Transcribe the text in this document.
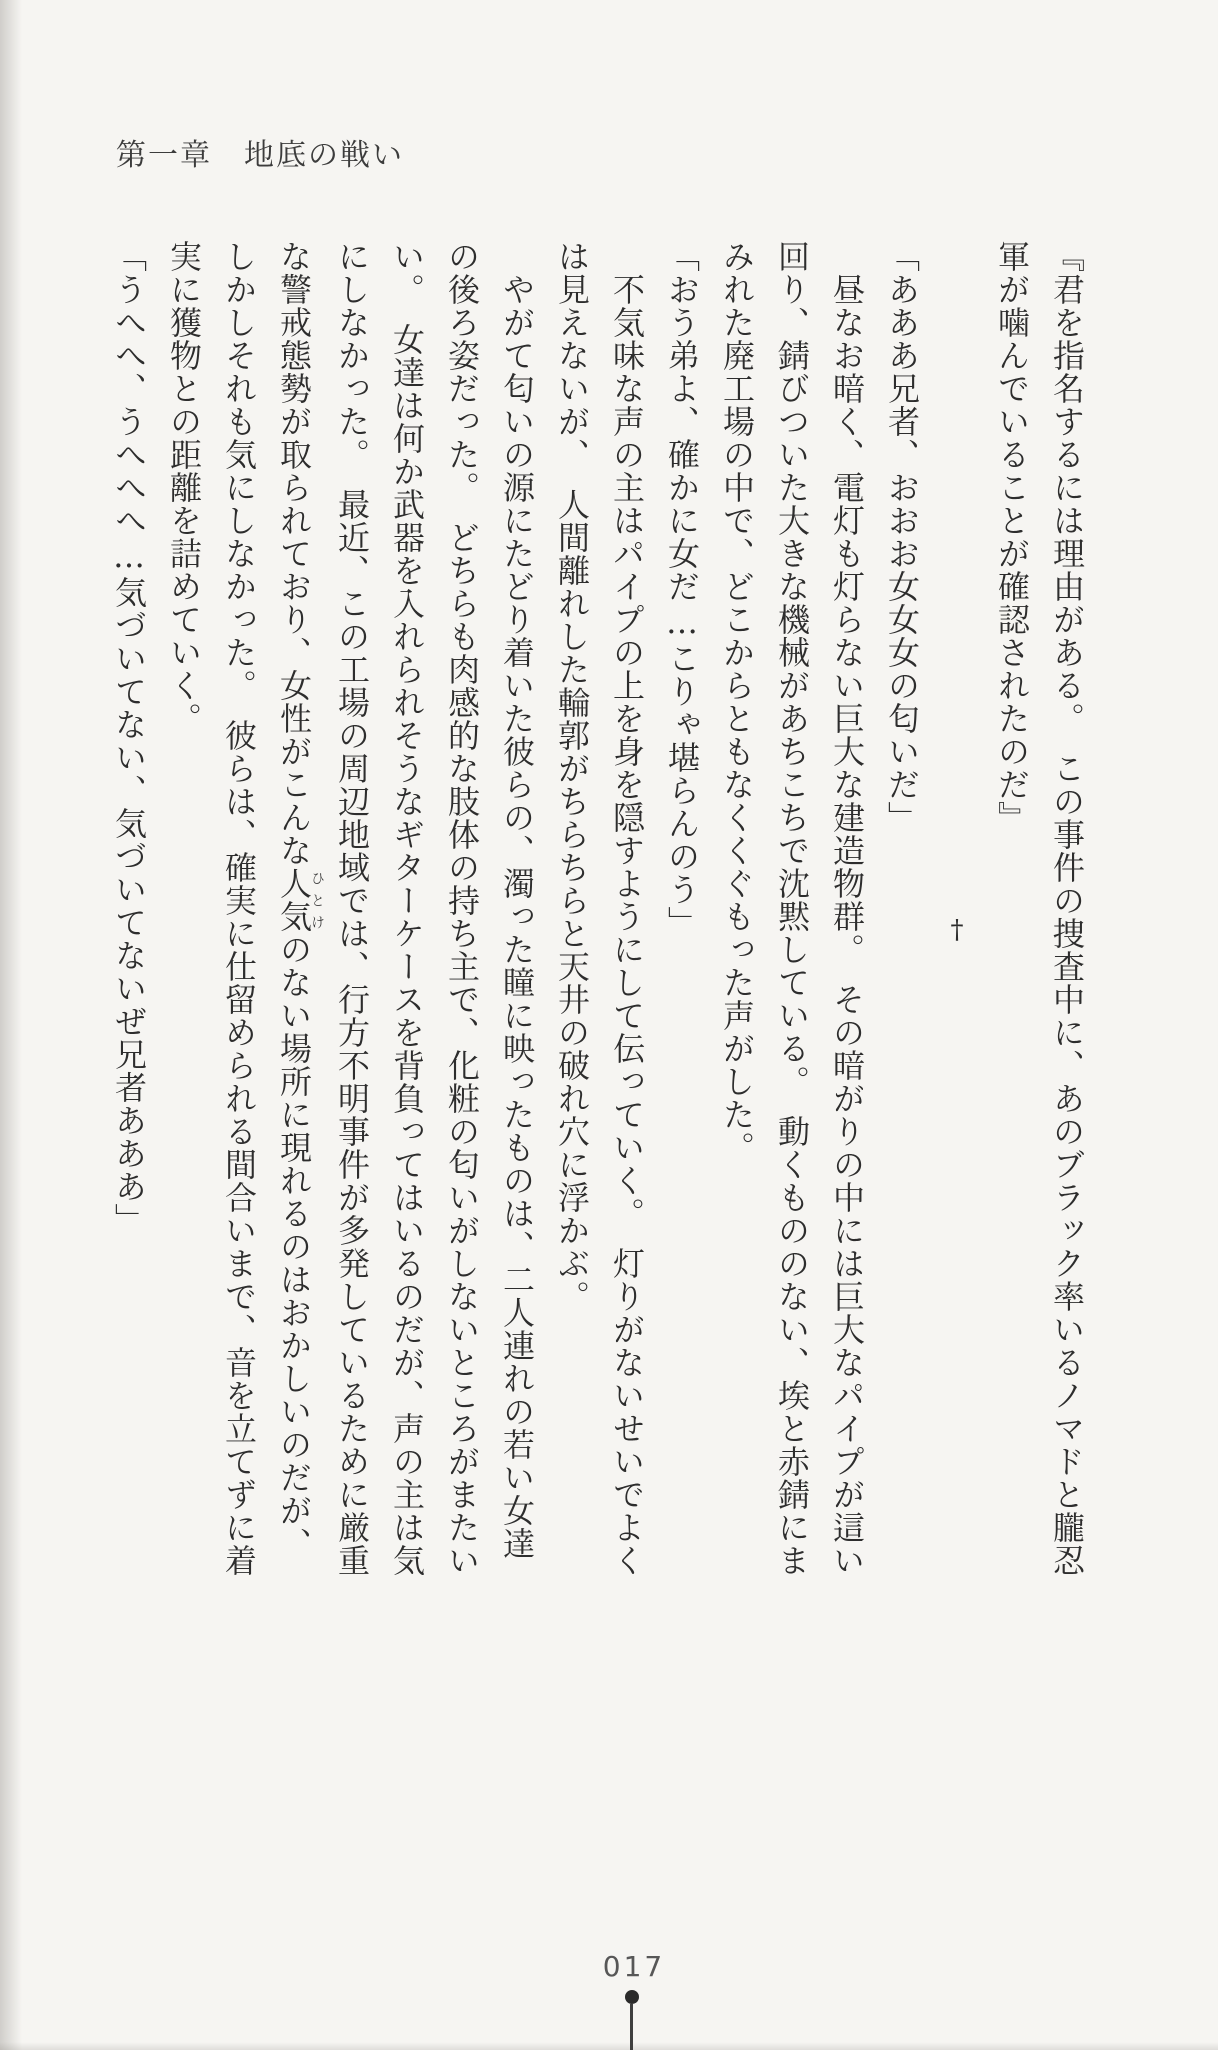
第一章　地底の戦い
『君を指名するには理由がある。　この事件の捜査中に、あのブラック率いるノマドと朧忍
軍が噛んでいることが確認されたのだ』
†
「あああ兄者、おおお女女女の匂いだ」
　昼なお暗く、電灯も灯らない巨大な建造物群。　その暗がりの中には巨大なパイプが這い
回り、錆びついた大きな機械があちこちで沈黙している。　動くもののない、埃と赤錆にま
みれた廃工場の中で、どこからともなくくぐもった声がした。
「おう弟よ、確かに女だ…こりゃ堪らんのう」
　不気味な声の主はパイプの上を身を隠すようにして伝っていく。　灯りがないせいでよく
は見えないが、　人間離れした輪郭がちらちらと天井の破れ穴に浮かぶ。
　やがて匂いの源にたどり着いた彼らの、濁った瞳に映ったものは、二人連れの若い女達
の後ろ姿だった。　どちらも肉感的な肢体の持ち主で、化粧の匂いがしないところがまたい
い。　女達は何か武器を入れられそうなギターケースを背負ってはいるのだが、声の主は気
にしなかった。　最近、この工場の周辺地域では、行方不明事件が多発しているために厳重
な警戒態勢が取られており、女性がこんな人気ひとけのない場所に現れるのはおかしいのだが、
しかしそれも気にしなかった。　彼らは、確実に仕留められる間合いまで、音を立てずに着
実に獲物との距離を詰めていく。
「うへへ、うへへへ…気づいてない、気づいてないぜ兄者あああ」
017
